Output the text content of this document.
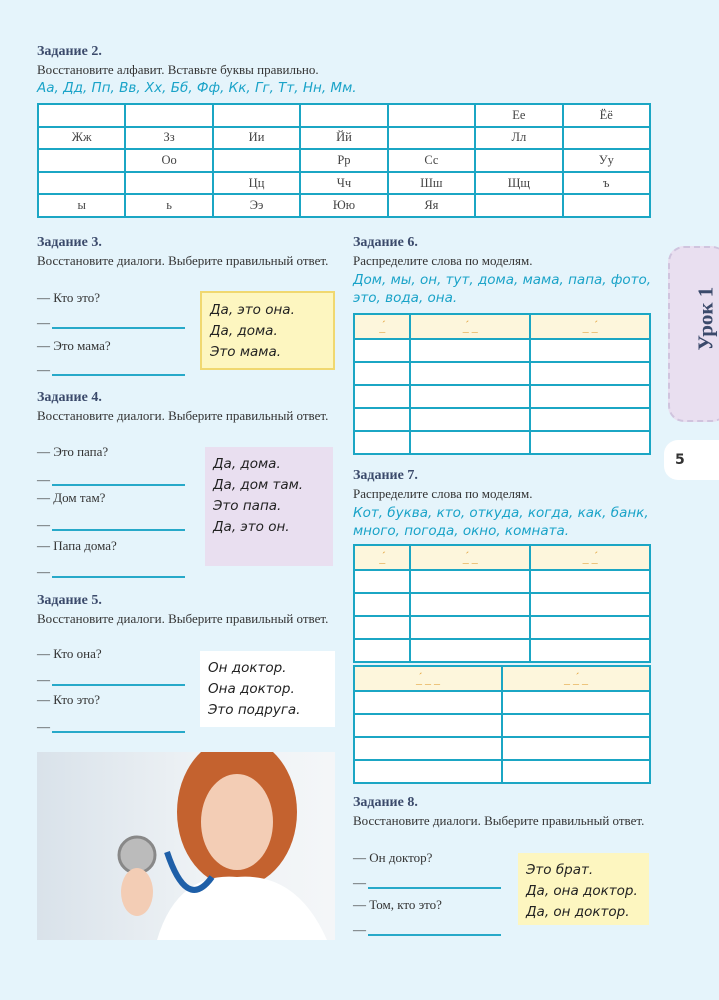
Задание 2.
Восстановите алфавит. Вставьте буквы правильно.
Аа, Дд, Пп, Вв, Хх, Бб, Фф, Кк, Гг, Тт, Нн, Мм.
					Ее	Ёё
Жж	Зз	Ии	Йй		Лл	
	Оо		Рр	Сс		Уу
		Цц	Чч	Шш	Щщ	ъ
ы	ь	Ээ	Юю	Яя		
Урок 1
5
Задание 3.
Восстановите диалоги. Выберите правильный ответ.
— Кто это?
—
— Это мама?
—
Да, это она.
Да, дома.
Это мама.
Задание 4.
Восстановите диалоги. Выберите правильный ответ.
— Это папа?
—
— Дом там?
—
— Папа дома?
—
Да, дома.
Да, дом там.
Это папа.
Да, это он.
Задание 5.
Восстановите диалоги. Выберите правильный ответ.
— Кто она?
—
— Кто это?
—
Он доктор.
Она доктор.
Это подруга.
Задание 8.
Восстановите диалоги. Выберите правильный ответ.
— Он доктор?
—
— Том, кто это?
—
Это брат.
Да, она доктор.
Да, он доктор.
Задание 6.
Распределите слова по моделям.
Дом, мы, он, тут, дома, мама, папа, фото, это, вода, она.
Задание 7.
Распределите слова по моделям.
Кот, буква, кто, откуда, когда, как, банк, много, погода, окно, комната.
_́	_́ _	_ _́

_́	_́ _	_ _́

_́ _ _	_ _́ _
